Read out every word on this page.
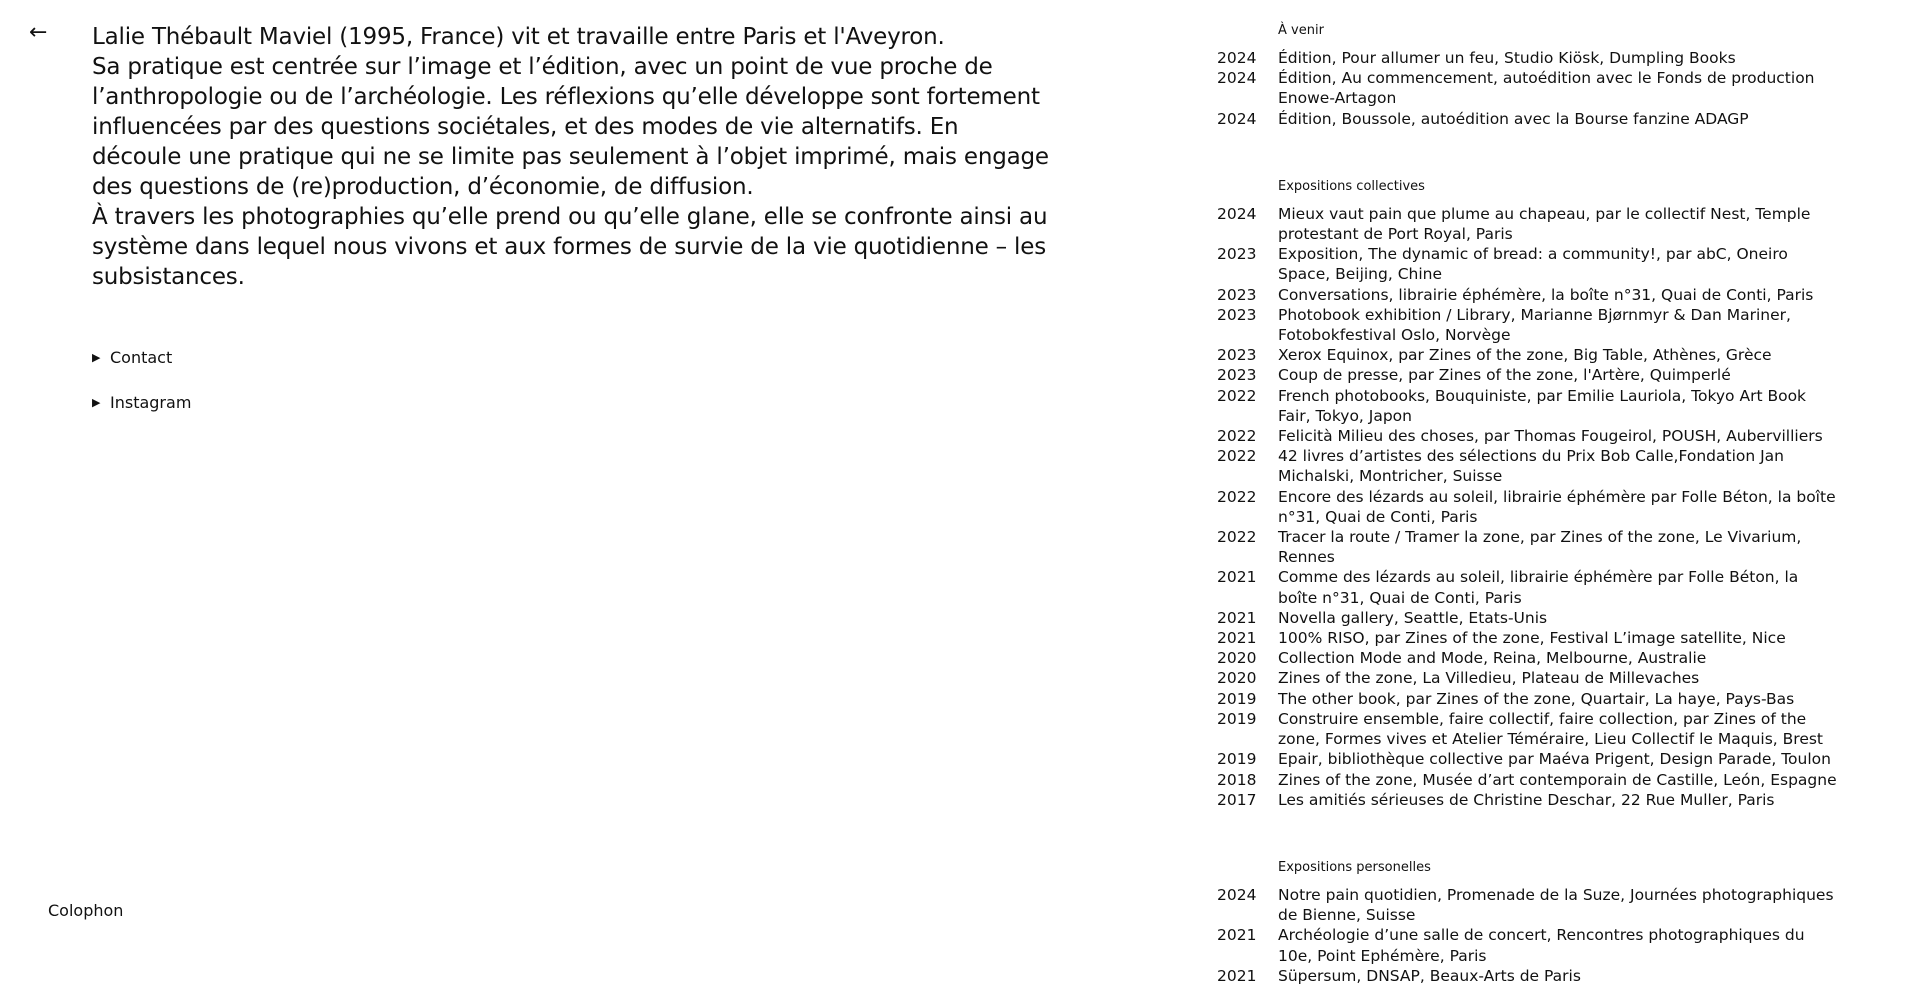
← Lalie Thébault Maviel (1995, France) vit et travaille entre Paris et l'Aveyron.

Sa pratique est centrée sur l’image et l’édition, avec un point de vue proche de l’anthropologie ou de l’archéologie. Les réflexions qu’elle développe sont fortement influencées par des questions sociétales, et des modes de vie alternatifs. En découle une pratique qui ne se limite pas seulement à l’objet imprimé, mais engage des questions de (re)production, d’économie, de diffusion.

À travers les photographies qu’elle prend ou qu’elle glane, elle se confronte ainsi au système dans lequel nous vivons et aux formes de survie de la vie quotidienne – les subsistances.

▶ Contact
▶ Instagram
Colophon
À venir
2024	Édition, Pour allumer un feu, Studio Kiösk, Dumpling Books
2024	Édition, Au commencement, autoédition avec le Fonds de production Enowe-Artagon
2024	Édition, Boussole, autoédition avec la Bourse fanzine ADAGP
Expositions collectives
2024	Mieux vaut pain que plume au chapeau, par le collectif Nest, Temple protestant de Port Royal, Paris
2023	Exposition, The dynamic of bread: a community!, par abC, Oneiro Space, Beijing, Chine
2023	Conversations, librairie éphémère, la boîte n°31, Quai de Conti, Paris
2023	Photobook exhibition / Library, Marianne Bjørnmyr & Dan Mariner, Fotobokfestival Oslo, Norvège
2023	Xerox Equinox, par Zines of the zone, Big Table, Athènes, Grèce
2023	Coup de presse, par Zines of the zone, l'Artère, Quimperlé
2022	French photobooks, Bouquiniste, par Emilie Lauriola, Tokyo Art Book Fair, Tokyo, Japon
2022	Felicità Milieu des choses, par Thomas Fougeirol, POUSH, Aubervilliers
2022	42 livres d’artistes des sélections du Prix Bob Calle,Fondation Jan Michalski, Montricher, Suisse
2022	Encore des lézards au soleil, librairie éphémère par Folle Béton, la boîte n°31, Quai de Conti, Paris
2022	Tracer la route / Tramer la zone, par Zines of the zone, Le Vivarium, Rennes
2021	Comme des lézards au soleil, librairie éphémère par Folle Béton, la boîte n°31, Quai de Conti, Paris
2021	Novella gallery, Seattle, Etats-Unis
2021	100% RISO, par Zines of the zone, Festival L’image satellite, Nice
2020	Collection Mode and Mode, Reina, Melbourne, Australie
2020	Zines of the zone, La Villedieu, Plateau de Millevaches
2019	The other book, par Zines of the zone, Quartair, La haye, Pays-Bas
2019	Construire ensemble, faire collectif, faire collection, par Zines of the zone, Formes vives et Atelier Téméraire, Lieu Collectif le Maquis, Brest
2019	Epair, bibliothèque collective par Maéva Prigent, Design Parade, Toulon
2018	Zines of the zone, Musée d’art contemporain de Castille, León, Espagne
2017	Les amitiés sérieuses de Christine Deschar, 22 Rue Muller, Paris
Expositions personelles
2024	Notre pain quotidien, Promenade de la Suze, Journées photographiques de Bienne, Suisse
2021	Archéologie d’une salle de concert, Rencontres photographiques du 10e, Point Ephémère, Paris
2021	Süpersum, DNSAP, Beaux-Arts de Paris
